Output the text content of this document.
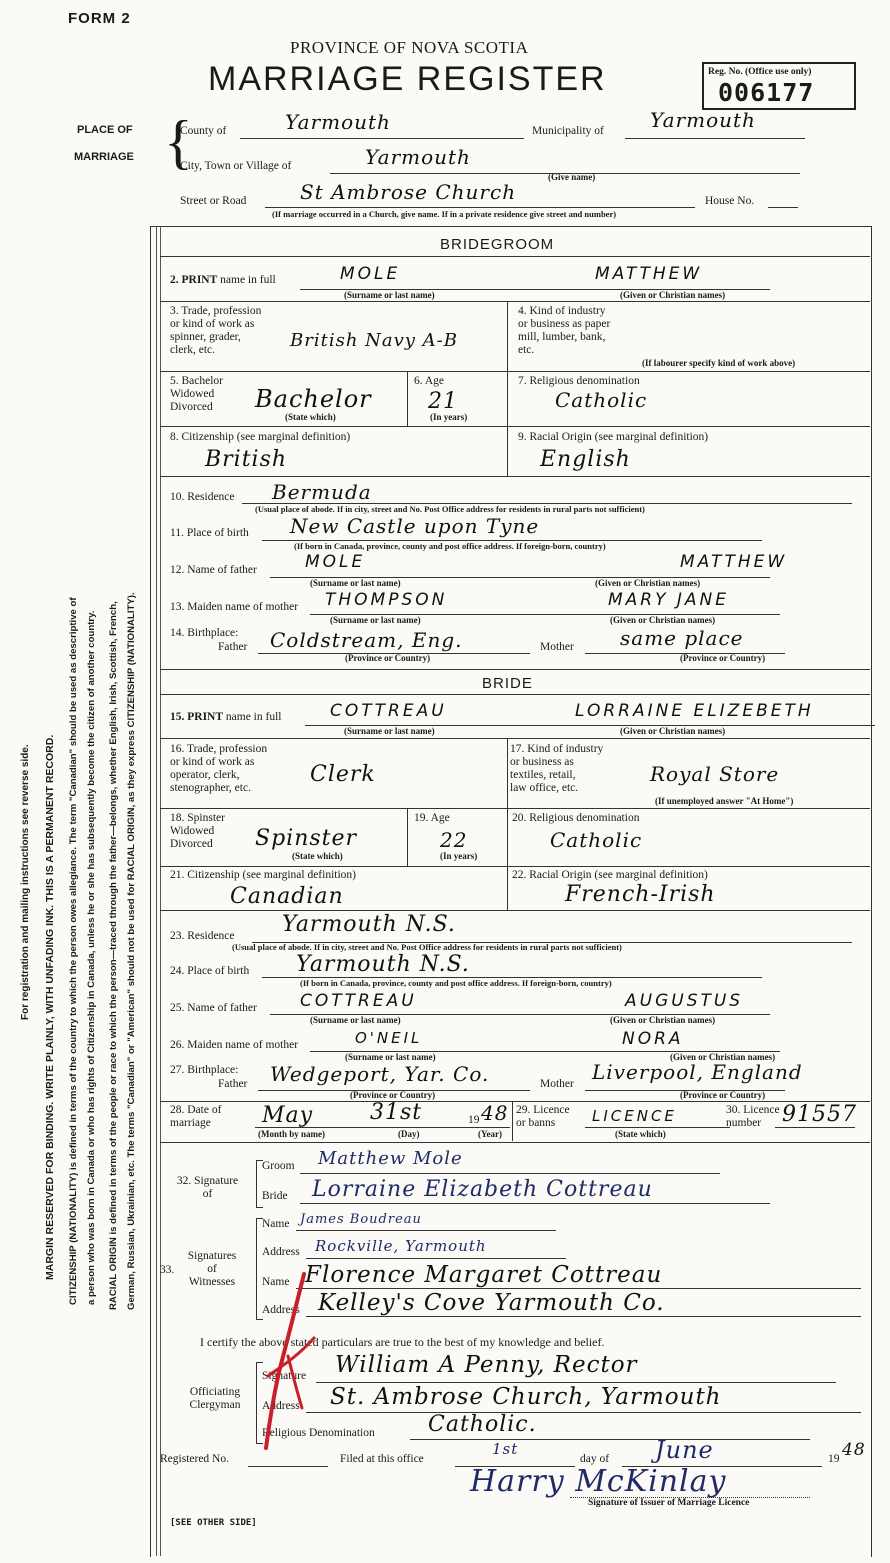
FORM 2
PROVINCE OF NOVA SCOTIA
MARRIAGE REGISTER	Reg. No. (Office use only)
006177
PLACE OF
MARRIAGE {
County of	Yarmouth	Municipality of Yarmouth
City, Town or Village of	Yarmouth
(Give name)
Street or Road	St Ambrose Church	House No.
(If marriage occurred in a Church, give name. If in a private residence give street and number)
For registration and mailing instructions see reverse side. MARGIN RESERVED FOR BINDING. WRITE PLAINLY, WITH UNFADING INK. THIS IS A PERMANENT RECORD. CITIZENSHIP (NATIONALITY) is defined in terms of the country to which the person owes allegiance. The term "Canadian" should be used as descriptive of a person who was born in Canada or who has rights of Citizenship in Canada, unless he or she has subsequently become the citizen of another country. RACIAL ORIGIN is defined in terms of the people or race to which the person—traced through the father—belongs, whether English, Irish, Scottish, French, German, Russian, Ukrainian, etc. The terms "Canadian" or "American" should not be used for RACIAL ORIGIN, as they express CITIZENSHIP (NATIONALITY).
BRIDEGROOM
2. PRINT name in full	MOLE	MATTHEW
(Surname or last name)	(Given or Christian names)
3. Trade, profession
or kind of work as
spinner, grader,
clerk, etc.	British Navy A-B
4. Kind of industry
or business as paper
mill, lumber, bank,
etc.
(If labourer specify kind of work above)
5. Bachelor
Widowed
Divorced	Bachelor
(State which)
6. Age
21
(In years)
7. Religious denomination
Catholic
8. Citizenship (see marginal definition)
British
9. Racial Origin (see marginal definition)
English
10. Residence Bermuda
(Usual place of abode. If in city, street and No. Post Office address for residents in rural parts not sufficient)
11. Place of birth New Castle upon Tyne
(If born in Canada, province, county and post office address. If foreign-born, country)
12. Name of father	MOLE	MATTHEW
(Surname or last name)	(Given or Christian names)
13. Maiden name of mother THOMPSON	MARY JANE
(Surname or last name)	(Given or Christian names)
14. Birthplace:
Father Coldstream, Eng.	Mother same place
(Province or Country)	(Province or Country)
BRIDE
15. PRINT name in full	COTTREAU	LORRAINE ELIZEBETH
(Surname or last name)	(Given or Christian names)
16. Trade, profession
or kind of work as
operator, clerk,
stenographer, etc.
Clerk
17. Kind of industry
or business as
textiles, retail,
law office, etc.
Royal Store
(If unemployed answer "At Home")
18. Spinster
Widowed
Divorced	Spinster
(State which)
19. Age
22
(In years)
20. Religious denomination
Catholic
21. Citizenship (see marginal definition)
Canadian
22. Racial Origin (see marginal definition)
French-Irish
23. Residence Yarmouth N.S.
(Usual place of abode. If in city, street and No. Post Office address for residents in rural parts not sufficient)
24. Place of birth Yarmouth N.S.
(If born in Canada, province, county and post office address. If foreign-born, country)
25. Name of father	COTTREAU	AUGUSTUS
(Surname or last name)	(Given or Christian names)
26. Maiden name of mother	O'NEIL	NORA
(Surname or last name)	(Given or Christian names)
27. Birthplace:
Father Wedgeport, Yar. Co.	Mother Liverpool, England
(Province or Country)	(Province or Country)
28. Date of
marriage	May	31st	19 48
(Month by name)	(Day)	(Year)
29. Licence
or banns	LICENCE
(State which)
30. Licence
number 91557
32. Signature
of
Groom Matthew Mole
Bride Lorraine Elizabeth Cottreau
Signatures
of
Witnesses
33.
Name James Boudreau
Address Rockville, Yarmouth
Name Florence Margaret Cottreau
Address Kelley's Cove Yarmouth Co.
I certify the above stated particulars are true to the best of my knowledge and belief.
Officiating
Clergyman
Signature William A Penny, Rector
Address St. Ambrose Church, Yarmouth
Religious Denomination Catholic.
Registered No.	Filed at this office
1st
day of June	19 48
Harry McKinlay
Signature of Issuer of Marriage Licence
[SEE OTHER SIDE]
